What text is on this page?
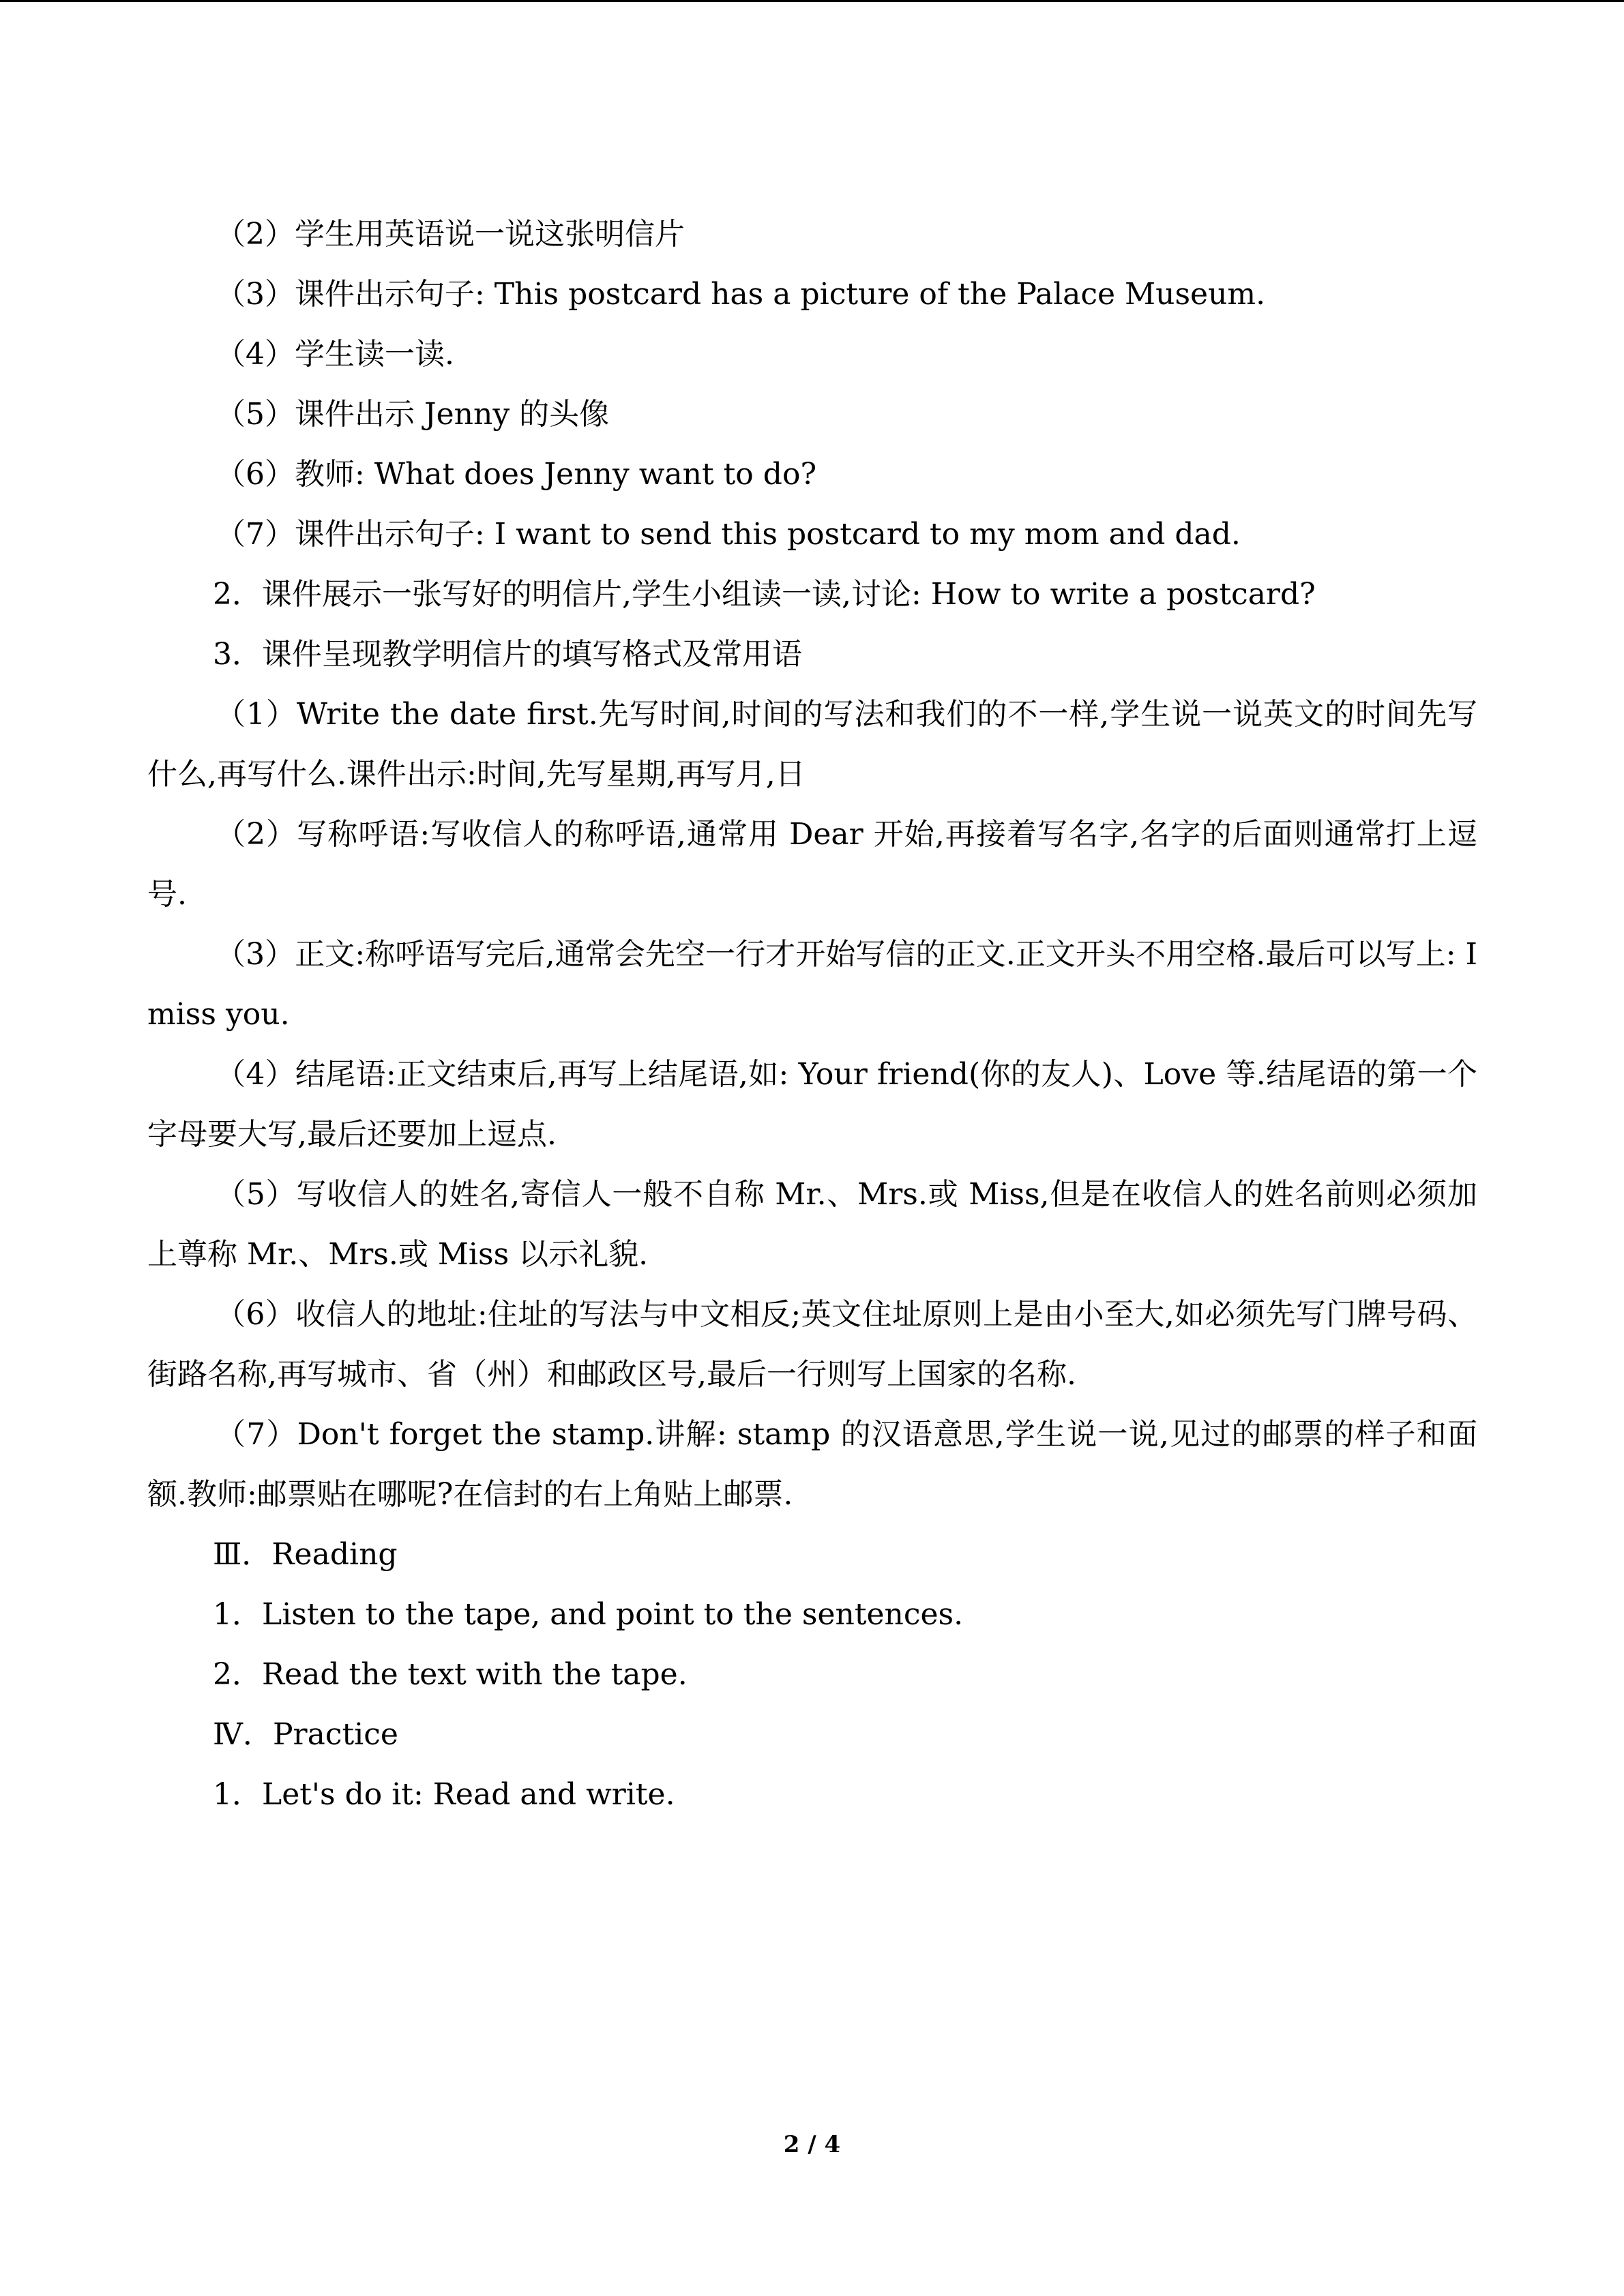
（2）学生用英语说一说这张明信片

（3）课件出示句子: This postcard has a picture of the Palace Museum.

（4）学生读一读.

（5）课件出示 Jenny 的头像

（6）教师: What does Jenny want to do?

（7）课件出示句子: I want to send this postcard to my mom and dad.

2．课件展示一张写好的明信片,学生小组读一读,讨论: How to write a postcard?

3．课件呈现教学明信片的填写格式及常用语

（1）Write the date first.先写时间,时间的写法和我们的不一样,学生说一说英文的时间先写什么,再写什么.课件出示:时间,先写星期,再写月,日

（2）写称呼语:写收信人的称呼语,通常用 Dear 开始,再接着写名字,名字的后面则通常打上逗号.

（3）正文:称呼语写完后,通常会先空一行才开始写信的正文.正文开头不用空格.最后可以写上: I miss you.

（4）结尾语:正文结束后,再写上结尾语,如: Your friend(你的友人)、Love 等.结尾语的第一个字母要大写,最后还要加上逗点.

（5）写收信人的姓名,寄信人一般不自称 Mr.、Mrs.或 Miss,但是在收信人的姓名前则必须加上尊称 Mr.、Mrs.或 Miss 以示礼貌.

（6）收信人的地址:住址的写法与中文相反;英文住址原则上是由小至大,如必须先写门牌号码、街路名称,再写城市、省（州）和邮政区号,最后一行则写上国家的名称.

（7）Don't forget the stamp.讲解: stamp 的汉语意思,学生说一说,见过的邮票的样子和面额.教师:邮票贴在哪呢?在信封的右上角贴上邮票.

Ⅲ．Reading

1．Listen to the tape, and point to the sentences.

2．Read the text with the tape.

Ⅳ．Practice

1．Let's do it: Read and write.

2 / 4
